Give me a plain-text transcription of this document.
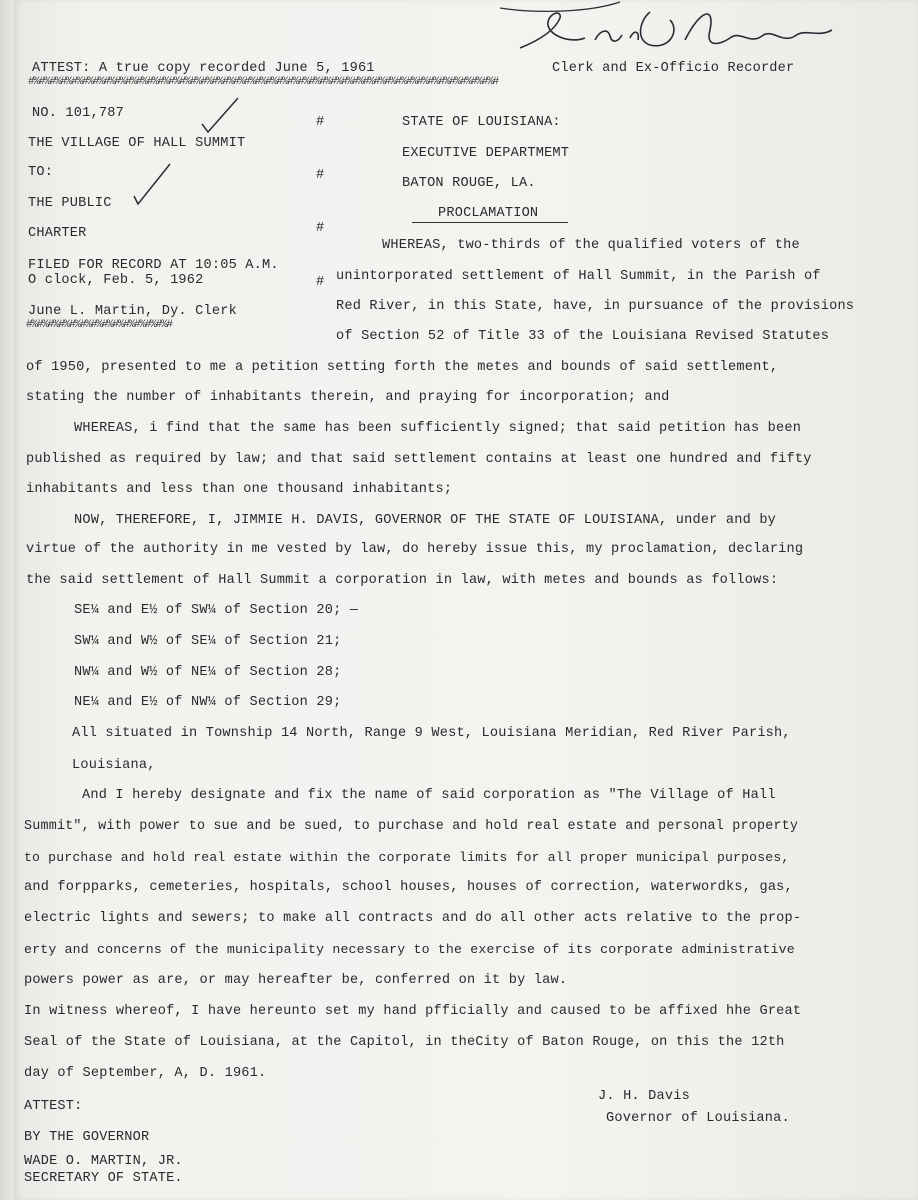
ATTEST: A true copy recorded June 5, 1961	Clerk and Ex-Officio Recorder
#%#%#%#%#%#%#%#%#%#%#%#%#%#%#%#%#%#%#%#%#%#%#%#%#%#%#%#%#%#%#%#%#%#%#%#%#%#%#%#%#%#%#%#
NO. 101,787
THE VILLAGE OF HALL SUMMIT
TO:
THE PUBLIC
CHARTER
FILED FOR RECORD AT 10:05 A.M.
O clock, Feb. 5, 1962
June L. Martin, Dy. Clerk
#%#%#%#%#%#%#%#%#%#%#%#%#%#
#
#
#
#
STATE OF LOUISIANA:
EXECUTIVE DEPARTMEMT
BATON ROUGE, LA.
PROCLAMATION
WHEREAS, two-thirds of the qualified voters of the
unintorporated settlement of Hall Summit, in the Parish of
Red River, in this State, have, in pursuance of the provisions
of Section 52 of Title 33 of the Louisiana Revised Statutes
of 1950, presented to me a petition setting forth the metes and bounds of said settlement,
stating the number of inhabitants therein, and praying for incorporation; and
WHEREAS, i find that the same has been sufficiently signed; that said petition has been
published as required by law; and that said settlement contains at least one hundred and fifty
inhabitants and less than one thousand inhabitants;
NOW, THEREFORE, I, JIMMIE H. DAVIS, GOVERNOR OF THE STATE OF LOUISIANA, under and by
virtue of the authority in me vested by law, do hereby issue this, my proclamation, declaring
the said settlement of Hall Summit a corporation in law, with metes and bounds as follows:
SE¼ and E½ of SW¼ of Section 20; —
SW¼ and W½ of SE¼ of Section 21;
NW¼ and W½ of NE¼ of Section 28;
NE¼ and E½ of NW¼ of Section 29;
All situated in Township 14 North, Range 9 West, Louisiana Meridian, Red River Parish,
Louisiana,
And I hereby designate and fix the name of said corporation as "The Village of Hall
Summit", with power to sue and be sued, to purchase and hold real estate and personal property
to purchase and hold real estate within the corporate limits for all proper municipal purposes,
and forpparks, cemeteries, hospitals, school houses, houses of correction, waterwordks, gas,
electric lights and sewers; to make all contracts and do all other acts relative to the prop-
erty and concerns of the municipality necessary to the exercise of its corporate administrative
powers power as are, or may hereafter be, conferred on it by law.
In witness whereof, I have hereunto set my hand pfficially and caused to be affixed hhe Great
Seal of the State of Louisiana, at the Capitol, in theCity of Baton Rouge, on this the 12th
day of September, A, D. 1961.
J. H. Davis
Governor of Louisiana.
ATTEST:
BY THE GOVERNOR
WADE O. MARTIN, JR.
SECRETARY OF STATE.
